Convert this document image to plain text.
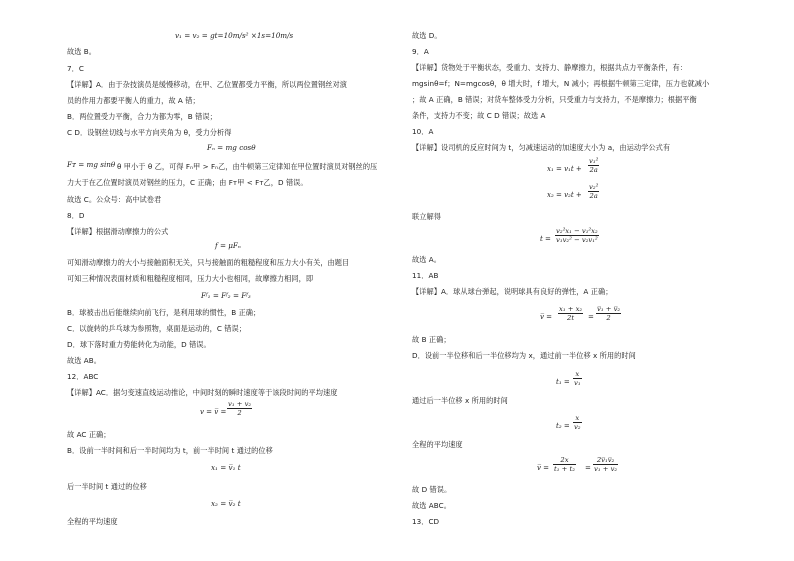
v₁ = v₂ = gt=10m/s² ×1s=10m/s
故选 B。
7．C
【详解】A．由于杂技演员是缓慢移动，在甲、乙位置都受力平衡，所以两位置钢丝对演
员的作用力都要平衡人的重力，故 A 错；
B．两位置受力平衡，合力为都为零，B 错误；
C D．设钢丝切线与水平方向夹角为 θ，受力分析得
Fₙ = mg cosθ
Fᴛ = mg sinθ θ 甲小于 θ 乙，可得 Fₙ甲 > Fₙ乙，由牛顿第三定律知在甲位置时演员对钢丝的压
力大于在乙位置时演员对钢丝的压力，C 正确；由 Fᴛ甲 < Fᴛ乙，D 错误。
故选 C。公众号：高中试卷君
8．D
【详解】根据滑动摩擦力的公式
f = μFₙ
可知滑动摩擦力的大小与接触面积无关，只与接触面的粗糙程度和压力大小有关，由题目
可知三种情况表面材质和粗糙程度相同，压力大小也相同，故摩擦力相同，即
Fᶠ₁ = Fᶠ₂ = Fᶠ₃
B．球被击出后能继续向前飞行，是利用球的惯性，B 正确；
C．以旋转的乒乓球为参照物，桌面是运动的，C 错误；
D．球下落时重力势能转化为动能，D 错误。
故选 AB。
12．ABC
【详解】AC．据匀变速直线运动推论，中间时刻的瞬时速度等于该段时间的平均速度
v = v̅ = $\frac{\text{v₁ + v₂}}{2}$
故 AC 正确；
B．设前一半时间和后一半时间均为 t，前一半时间 t 通过的位移
x₁ = v̅₁ t
后一半时间 t 通过的位移
x₂ = v̅₂ t
全程的平均速度
故选 D。
9．A
【详解】货物处于平衡状态，受重力、支持力、静摩擦力，根据共点力平衡条件，有：
mgsinθ=f；N=mgcosθ，θ 增大时，f 增大，N 减小；再根据牛顿第三定律，压力也就减小
；故 A 正确，B 错误；对货车整体受力分析，只受重力与支持力，不是摩擦力；根据平衡
条件，支持力不变；故 C D 错误；故选 A
10．A
【详解】设司机的反应时间为 t，匀减速运动的加速度大小为 a，由运动学公式有
$x_1 = v_1t + \frac{\text{v₁²}}{2a}$
$x_2 = v_2t + \frac{\text{v₂²}}{2a}$
联立解得
$t = \frac{\text{v₂²x₁ − v₁²x₂}}{\text{v₁v₂² − v₂v₁²}}$
故选 A。
11．AB
【详解】A．球从球台弹起，说明球具有良好的弹性，A 正确；
v̅ = $\frac{\text{x₁ + x₂}}{2t} = \frac{\text{v̅₁ + v̅₂}}{2}$
故 B 正确；
D．设前一半位移和后一半位移均为 x，通过前一半位移 x 所用的时间
$t_1 = \frac{x}{\text{v₁}}$
通过后一半位移 x 所用的时间
$t_2 = \frac{x}{\text{v₂}}$
全程的平均速度
v̅ = $\frac{2x}{\text{t₁ + t₂}} = \frac{\text{2v̅₁v̅₂}}{\text{v₁ + v₂}}$
故 D 错误。
故选 ABC。
13．CD
